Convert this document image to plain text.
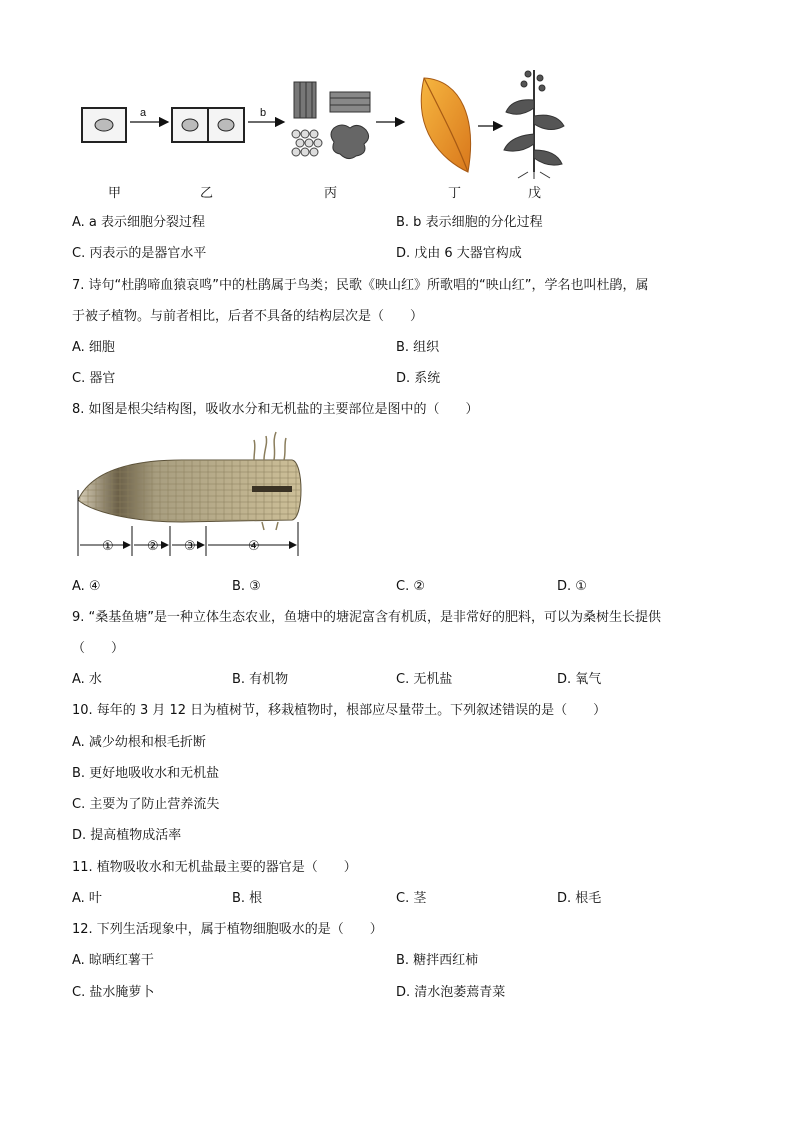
a	b
甲	乙	丙	丁	戊
A. a 表示细胞分裂过程	B. b 表示细胞的分化过程
C. 丙表示的是器官水平	D. 戊由 6 大器官构成
7. 诗句“杜鹃啼血猿哀鸣”中的杜鹃属于鸟类；民歌《映山红》所歌唱的“映山红”，学名也叫杜鹃，属
于被子植物。与前者相比，后者不具备的结构层次是（　　）
A. 细胞	B. 组织
C. 器官	D. 系统
8. 如图是根尖结构图，吸收水分和无机盐的主要部位是图中的（　　）
①	② ③	④
A. ④	B. ③	C. ②	D. ①
9. “桑基鱼塘”是一种立体生态农业，鱼塘中的塘泥富含有机质，是非常好的肥料，可以为桑树生长提供
（　　）
A. 水	B. 有机物	C. 无机盐	D. 氧气
10. 每年的 3 月 12 日为植树节，移栽植物时，根部应尽量带土。下列叙述错误的是（　　）
A. 减少幼根和根毛折断
B. 更好地吸收水和无机盐
C. 主要为了防止营养流失
D. 提高植物成活率
11. 植物吸收水和无机盐最主要的器官是（　　）
A. 叶	B. 根	C. 茎	D. 根毛
12. 下列生活现象中，属于植物细胞吸水的是（　　）
A. 晾晒红薯干	B. 糖拌西红柿
C. 盐水腌萝卜	D. 清水泡萎蔫青菜
